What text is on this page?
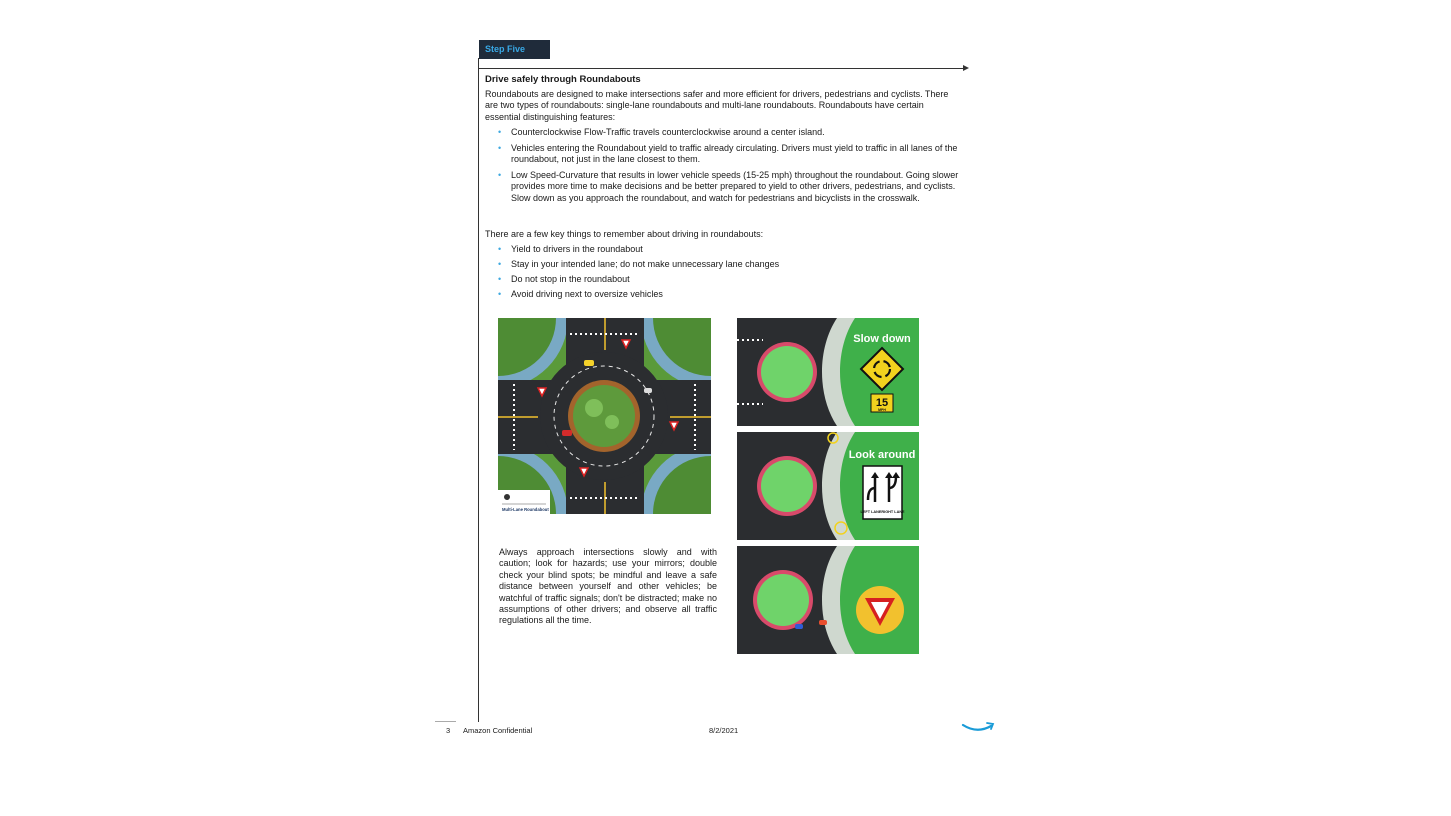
Step Five
Drive safely through Roundabouts
Roundabouts are designed to make intersections safer and more efficient for drivers, pedestrians and cyclists. There are two types of roundabouts: single-lane roundabouts and multi-lane roundabouts. Roundabouts have certain essential distinguishing features:
• Counterclockwise Flow-Traffic travels counterclockwise around a center island.
• Vehicles entering the Roundabout yield to traffic already circulating. Drivers must yield to traffic in all lanes of the roundabout, not just in the lane closest to them.
• Low Speed-Curvature that results in lower vehicle speeds (15-25 mph) throughout the roundabout. Going slower provides more time to make decisions and be better prepared to yield to other drivers, pedestrians, and cyclists. Slow down as you approach the roundabout, and watch for pedestrians and bicyclists in the crosswalk.
There are a few key things to remember about driving in roundabouts:
• Yield to drivers in the roundabout
• Stay in your intended lane; do not make unnecessary lane changes
• Do not stop in the roundabout
• Avoid driving next to oversize vehicles
Multi-Lane Roundabout
Slow down
15
MPH
Look around
LEFT LANE RIGHT LANE
Always approach intersections slowly and with caution; look for hazards; use your mirrors; double check your blind spots; be mindful and leave a safe distance between yourself and other vehicles; be watchful of traffic signals; don't be distracted; make no assumptions of other drivers; and observe all traffic regulations all the time.
3 Amazon Confidential	8/2/2021
